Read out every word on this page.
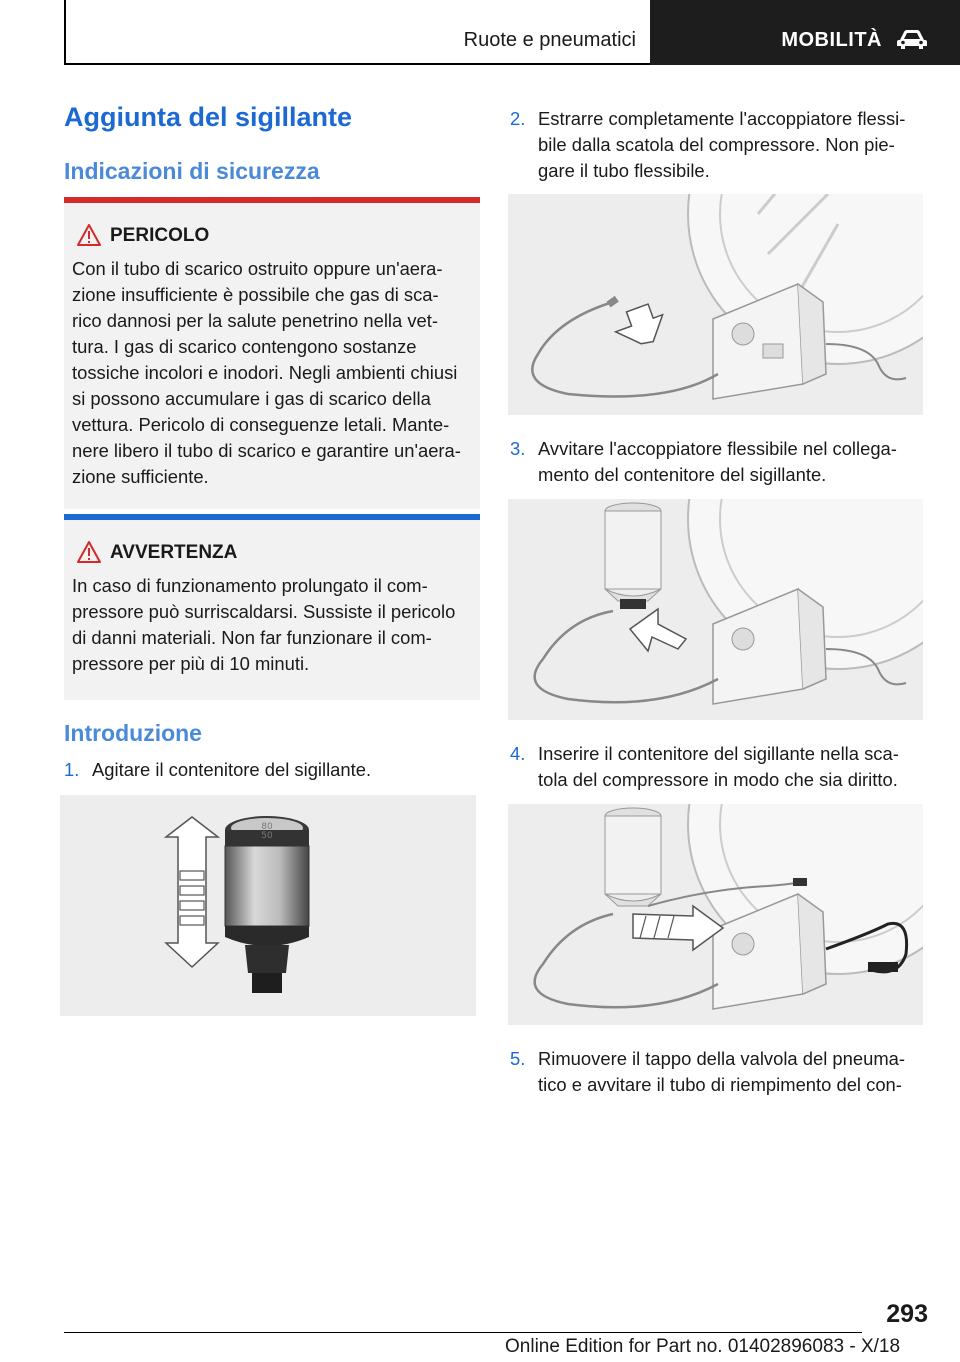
Ruote e pneumatici	MOBILITÀ
Aggiunta del sigillante
Indicazioni di sicurezza
PERICOLO
Con il tubo di scarico ostruito oppure un'aera-
zione insufficiente è possibile che gas di sca-
rico dannosi per la salute penetrino nella vet-
tura. I gas di scarico contengono sostanze
tossiche incolori e inodori. Negli ambienti chiusi
si possono accumulare i gas di scarico della
vettura. Pericolo di conseguenze letali. Mante-
nere libero il tubo di scarico e garantire un'aera-
zione sufficiente.
AVVERTENZA
In caso di funzionamento prolungato il com-
pressore può surriscaldarsi. Sussiste il pericolo
di danni materiali. Non far funzionare il com-
pressore per più di 10 minuti.
Introduzione
1. Agitare il contenitore del sigillante.
80
50
2. Estrarre completamente l'accoppiatore flessi-
bile dalla scatola del compressore. Non pie-
gare il tubo flessibile.
3. Avvitare l'accoppiatore flessibile nel collega-
mento del contenitore del sigillante.
4. Inserire il contenitore del sigillante nella sca-
tola del compressore in modo che sia diritto.
5. Rimuovere il tappo della valvola del pneuma-
tico e avvitare il tubo di riempimento del con-
293
Online Edition for Part no. 01402896083 - X/18
